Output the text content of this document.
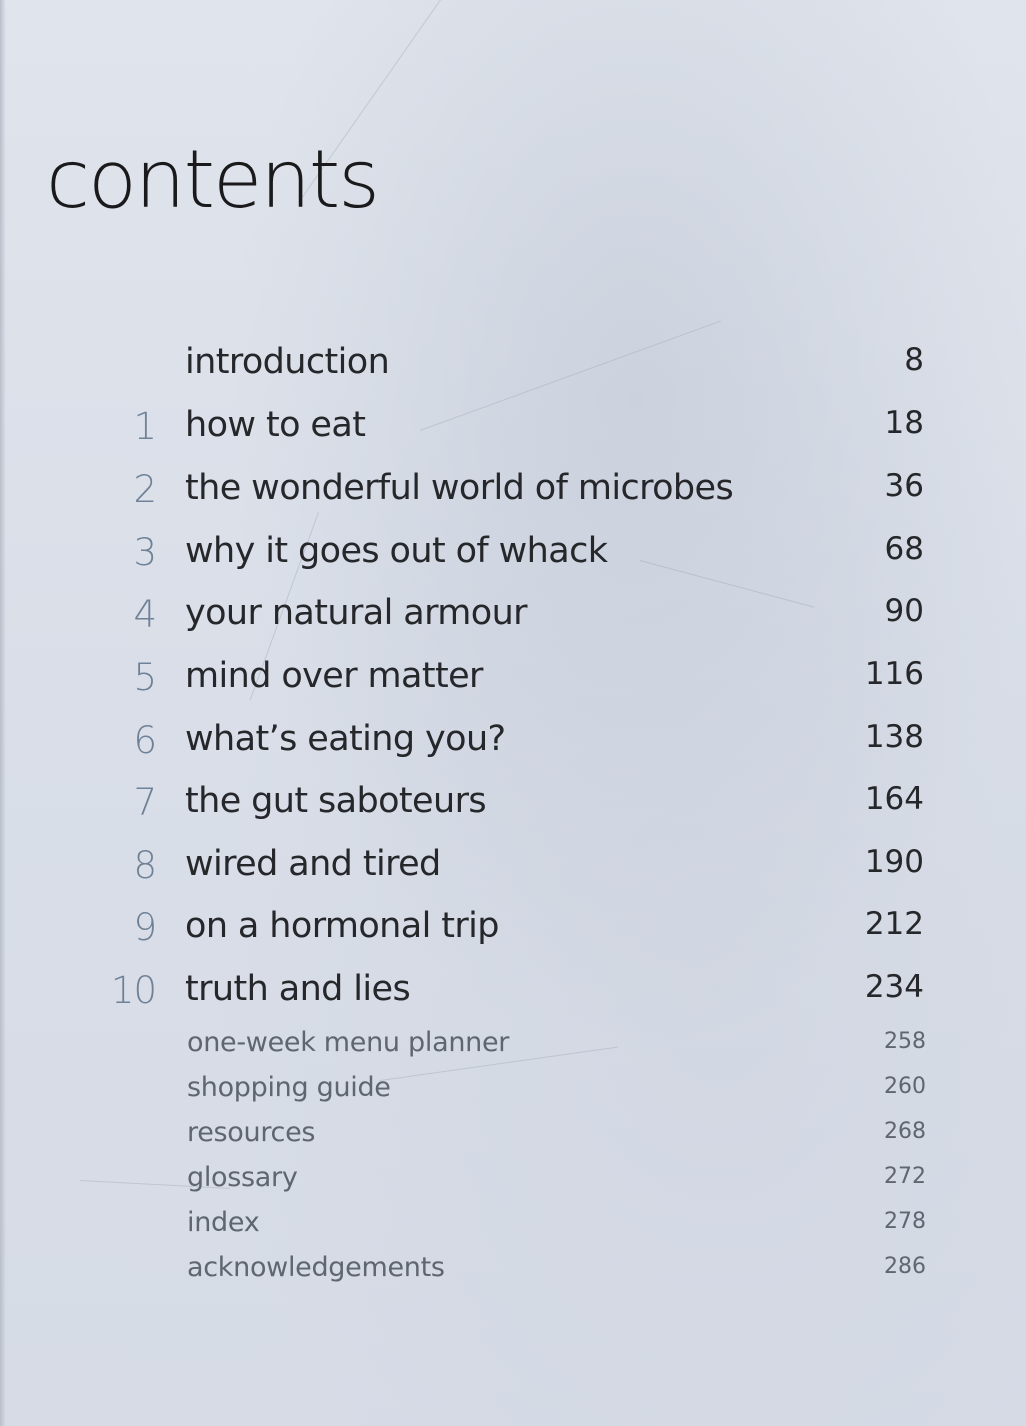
contents
introduction	8
1 how to eat	18
2 the wonderful world of microbes	36
3 why it goes out of whack	68
4 your natural armour	90
5 mind over matter	116
6 what’s eating you?	138
7 the gut saboteurs	164
8 wired and tired	190
9 on a hormonal trip	212
10 truth and lies	234
one-week menu planner	258
shopping guide	260
resources	268
glossary	272
index	278
acknowledgements	286
